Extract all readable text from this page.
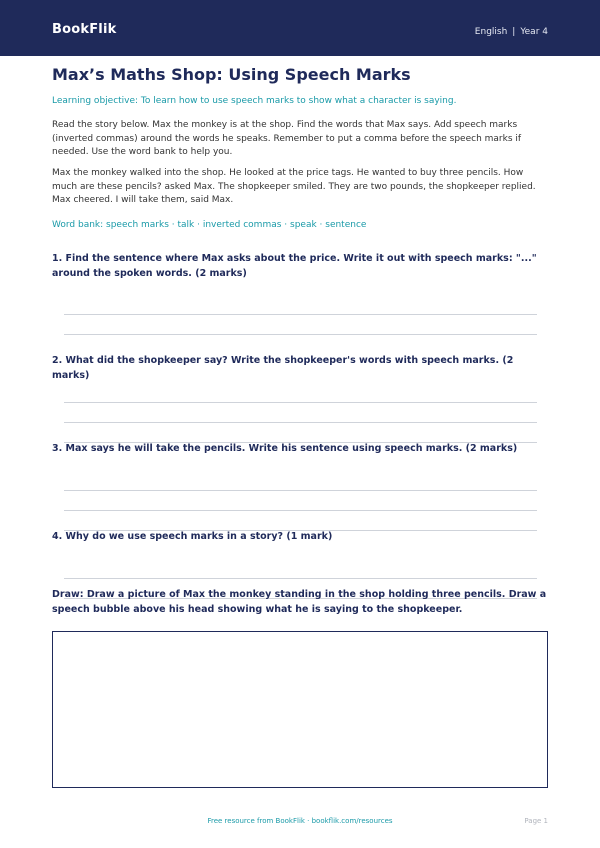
BookFlik	English | Year 4
Max’s Maths Shop: Using Speech Marks
Learning objective: To learn how to use speech marks to show what a character is saying.
Read the story below. Max the monkey is at the shop. Find the words that Max says. Add speech marks (inverted commas) around the words he speaks. Remember to put a comma before the speech marks if needed. Use the word bank to help you.
Max the monkey walked into the shop. He looked at the price tags. He wanted to buy three pencils. How much are these pencils? asked Max. The shopkeeper smiled. They are two pounds, the shopkeeper replied. Max cheered. I will take them, said Max.
Word bank: speech marks · talk · inverted commas · speak · sentence
1. Find the sentence where Max asks about the price. Write it out with speech marks: "..." around the spoken words. (2 marks)
2. What did the shopkeeper say? Write the shopkeeper's words with speech marks. (2 marks)
3. Max says he will take the pencils. Write his sentence using speech marks. (2 marks)
4. Why do we use speech marks in a story? (1 mark)
Draw: Draw a picture of Max the monkey standing in the shop holding three pencils. Draw a speech bubble above his head showing what he is saying to the shopkeeper.
Free resource from BookFlik · bookflik.com/resources	Page 1
